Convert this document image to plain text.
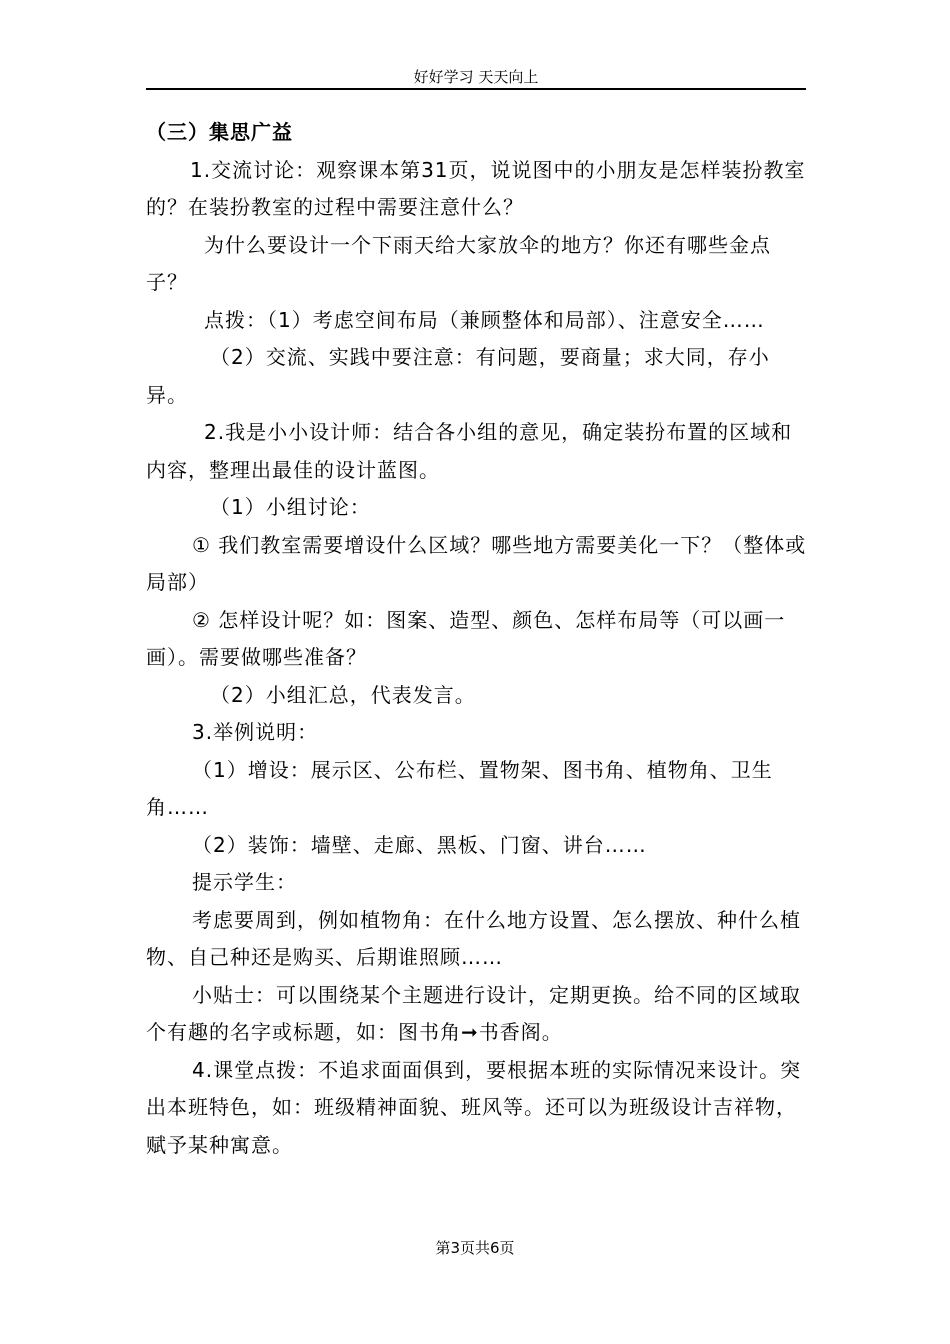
好好学习 天天向上

（三）集思广益

1.交流讨论：观察课本第31页，说说图中的小朋友是怎样装扮教室的？在装扮教室的过程中需要注意什么？

为什么要设计一个下雨天给大家放伞的地方？你还有哪些金点子？

点拨：（1）考虑空间布局（兼顾整体和局部）、注意安全……

（2）交流、实践中要注意：有问题，要商量；求大同，存小异。

2.我是小小设计师：结合各小组的意见，确定装扮布置的区域和内容，整理出最佳的设计蓝图。

（1）小组讨论：

① 我们教室需要增设什么区域？哪些地方需要美化一下？（整体或局部）

② 怎样设计呢？如：图案、造型、颜色、怎样布局等（可以画一画）。需要做哪些准备？

（2）小组汇总，代表发言。

3.举例说明：

（1）增设：展示区、公布栏、置物架、图书角、植物角、卫生角……

（2）装饰：墙壁、走廊、黑板、门窗、讲台……

提示学生：

考虑要周到，例如植物角：在什么地方设置、怎么摆放、种什么植物、自己种还是购买、后期谁照顾……

小贴士：可以围绕某个主题进行设计，定期更换。给不同的区域取个有趣的名字或标题，如：图书角➞书香阁。

4.课堂点拨：不追求面面俱到，要根据本班的实际情况来设计。突出本班特色，如：班级精神面貌、班风等。还可以为班级设计吉祥物，赋予某种寓意。

第3页共6页
